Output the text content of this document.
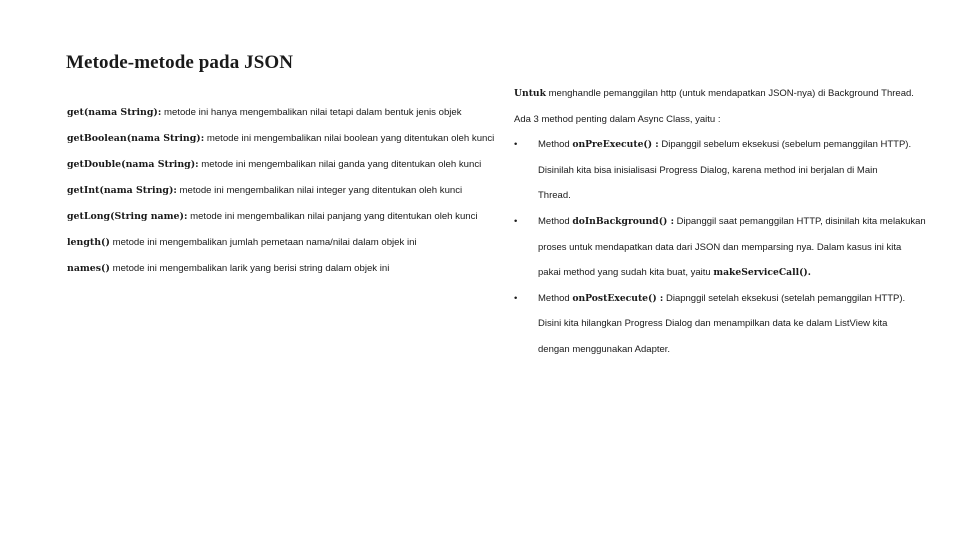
Metode-metode pada JSON
get(nama String): metode ini hanya mengembalikan nilai tetapi dalam bentuk jenis objek
getBoolean(nama String): metode ini mengembalikan nilai boolean yang ditentukan oleh kunci
getDouble(nama String): metode ini mengembalikan nilai ganda yang ditentukan oleh kunci
getInt(nama String): metode ini mengembalikan nilai integer yang ditentukan oleh kunci
getLong(String name): metode ini mengembalikan nilai panjang yang ditentukan oleh kunci
length() metode ini mengembalikan jumlah pemetaan nama/nilai dalam objek ini
names() metode ini mengembalikan larik yang berisi string dalam objek ini
Untuk menghandle pemanggilan http (untuk mendapatkan JSON-nya) di Background Thread.
Ada 3 method penting dalam Async Class, yaitu :
• Method onPreExecute() : Dipanggil sebelum eksekusi (sebelum pemanggilan HTTP).
Disinilah kita bisa inisialisasi Progress Dialog, karena method ini berjalan di Main
Thread.
• Method doInBackground() : Dipanggil saat pemanggilan HTTP, disinilah kita melakukan
proses untuk mendapatkan data dari JSON dan memparsing nya. Dalam kasus ini kita
pakai method yang sudah kita buat, yaitu makeServiceCall().
• Method onPostExecute() : Diapnggil setelah eksekusi (setelah pemanggilan HTTP).
Disini kita hilangkan Progress Dialog dan menampilkan data ke dalam ListView kita
dengan menggunakan Adapter.
